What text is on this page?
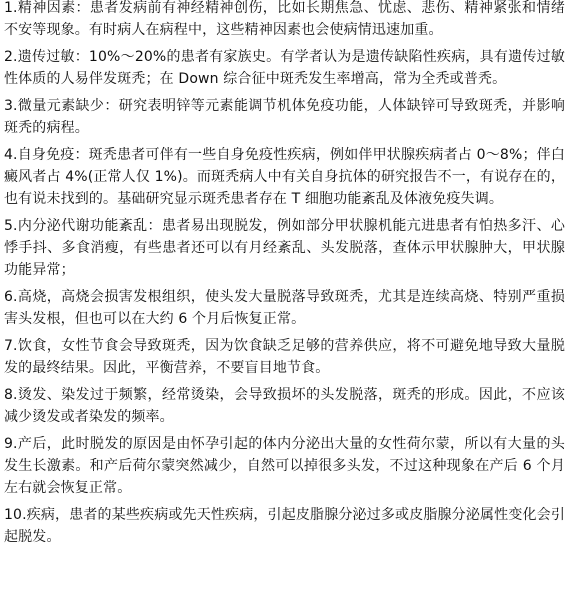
1.精神因素：患者发病前有神经精神创伤，比如长期焦急、忧虑、悲伤、精神紧张和情绪不安等现象。有时病人在病程中，这些精神因素也会使病情迅速加重。

2.遗传过敏：10%～20%的患者有家族史。有学者认为是遗传缺陷性疾病，具有遗传过敏性体质的人易伴发斑秃；在 Down 综合征中斑秃发生率增高，常为全秃或普秃。

3.微量元素缺少：研究表明锌等元素能调节机体免疫功能，人体缺锌可导致斑秃，并影响斑秃的病程。

4.自身免疫：斑秃患者可伴有一些自身免疫性疾病，例如伴甲状腺疾病者占 0～8%；伴白癜风者占 4%(正常人仅 1%)。而斑秃病人中有关自身抗体的研究报告不一，有说存在的，也有说未找到的。基础研究显示斑秃患者存在 T 细胞功能紊乱及体液免疫失调。

5.内分泌代谢功能紊乱：患者易出现脱发，例如部分甲状腺机能亢进患者有怕热多汗、心悸手抖、多食消瘦，有些患者还可以有月经紊乱、头发脱落，查体示甲状腺肿大，甲状腺功能异常；

6.高烧，高烧会损害发根组织，使头发大量脱落导致斑秃，尤其是连续高烧、特别严重损害头发根，但也可以在大约 6 个月后恢复正常。

7.饮食，女性节食会导致斑秃，因为饮食缺乏足够的营养供应，将不可避免地导致大量脱发的最终结果。因此，平衡营养，不要盲目地节食。

8.烫发、染发过于频繁，经常烫染，会导致损坏的头发脱落，斑秃的形成。因此，不应该减少烫发或者染发的频率。

9.产后，此时脱发的原因是由怀孕引起的体内分泌出大量的女性荷尔蒙，所以有大量的头发生长激素。和产后荷尔蒙突然减少，自然可以掉很多头发，不过这种现象在产后 6 个月左右就会恢复正常。

10.疾病，患者的某些疾病或先天性疾病，引起皮脂腺分泌过多或皮脂腺分泌属性变化会引起脱发。
